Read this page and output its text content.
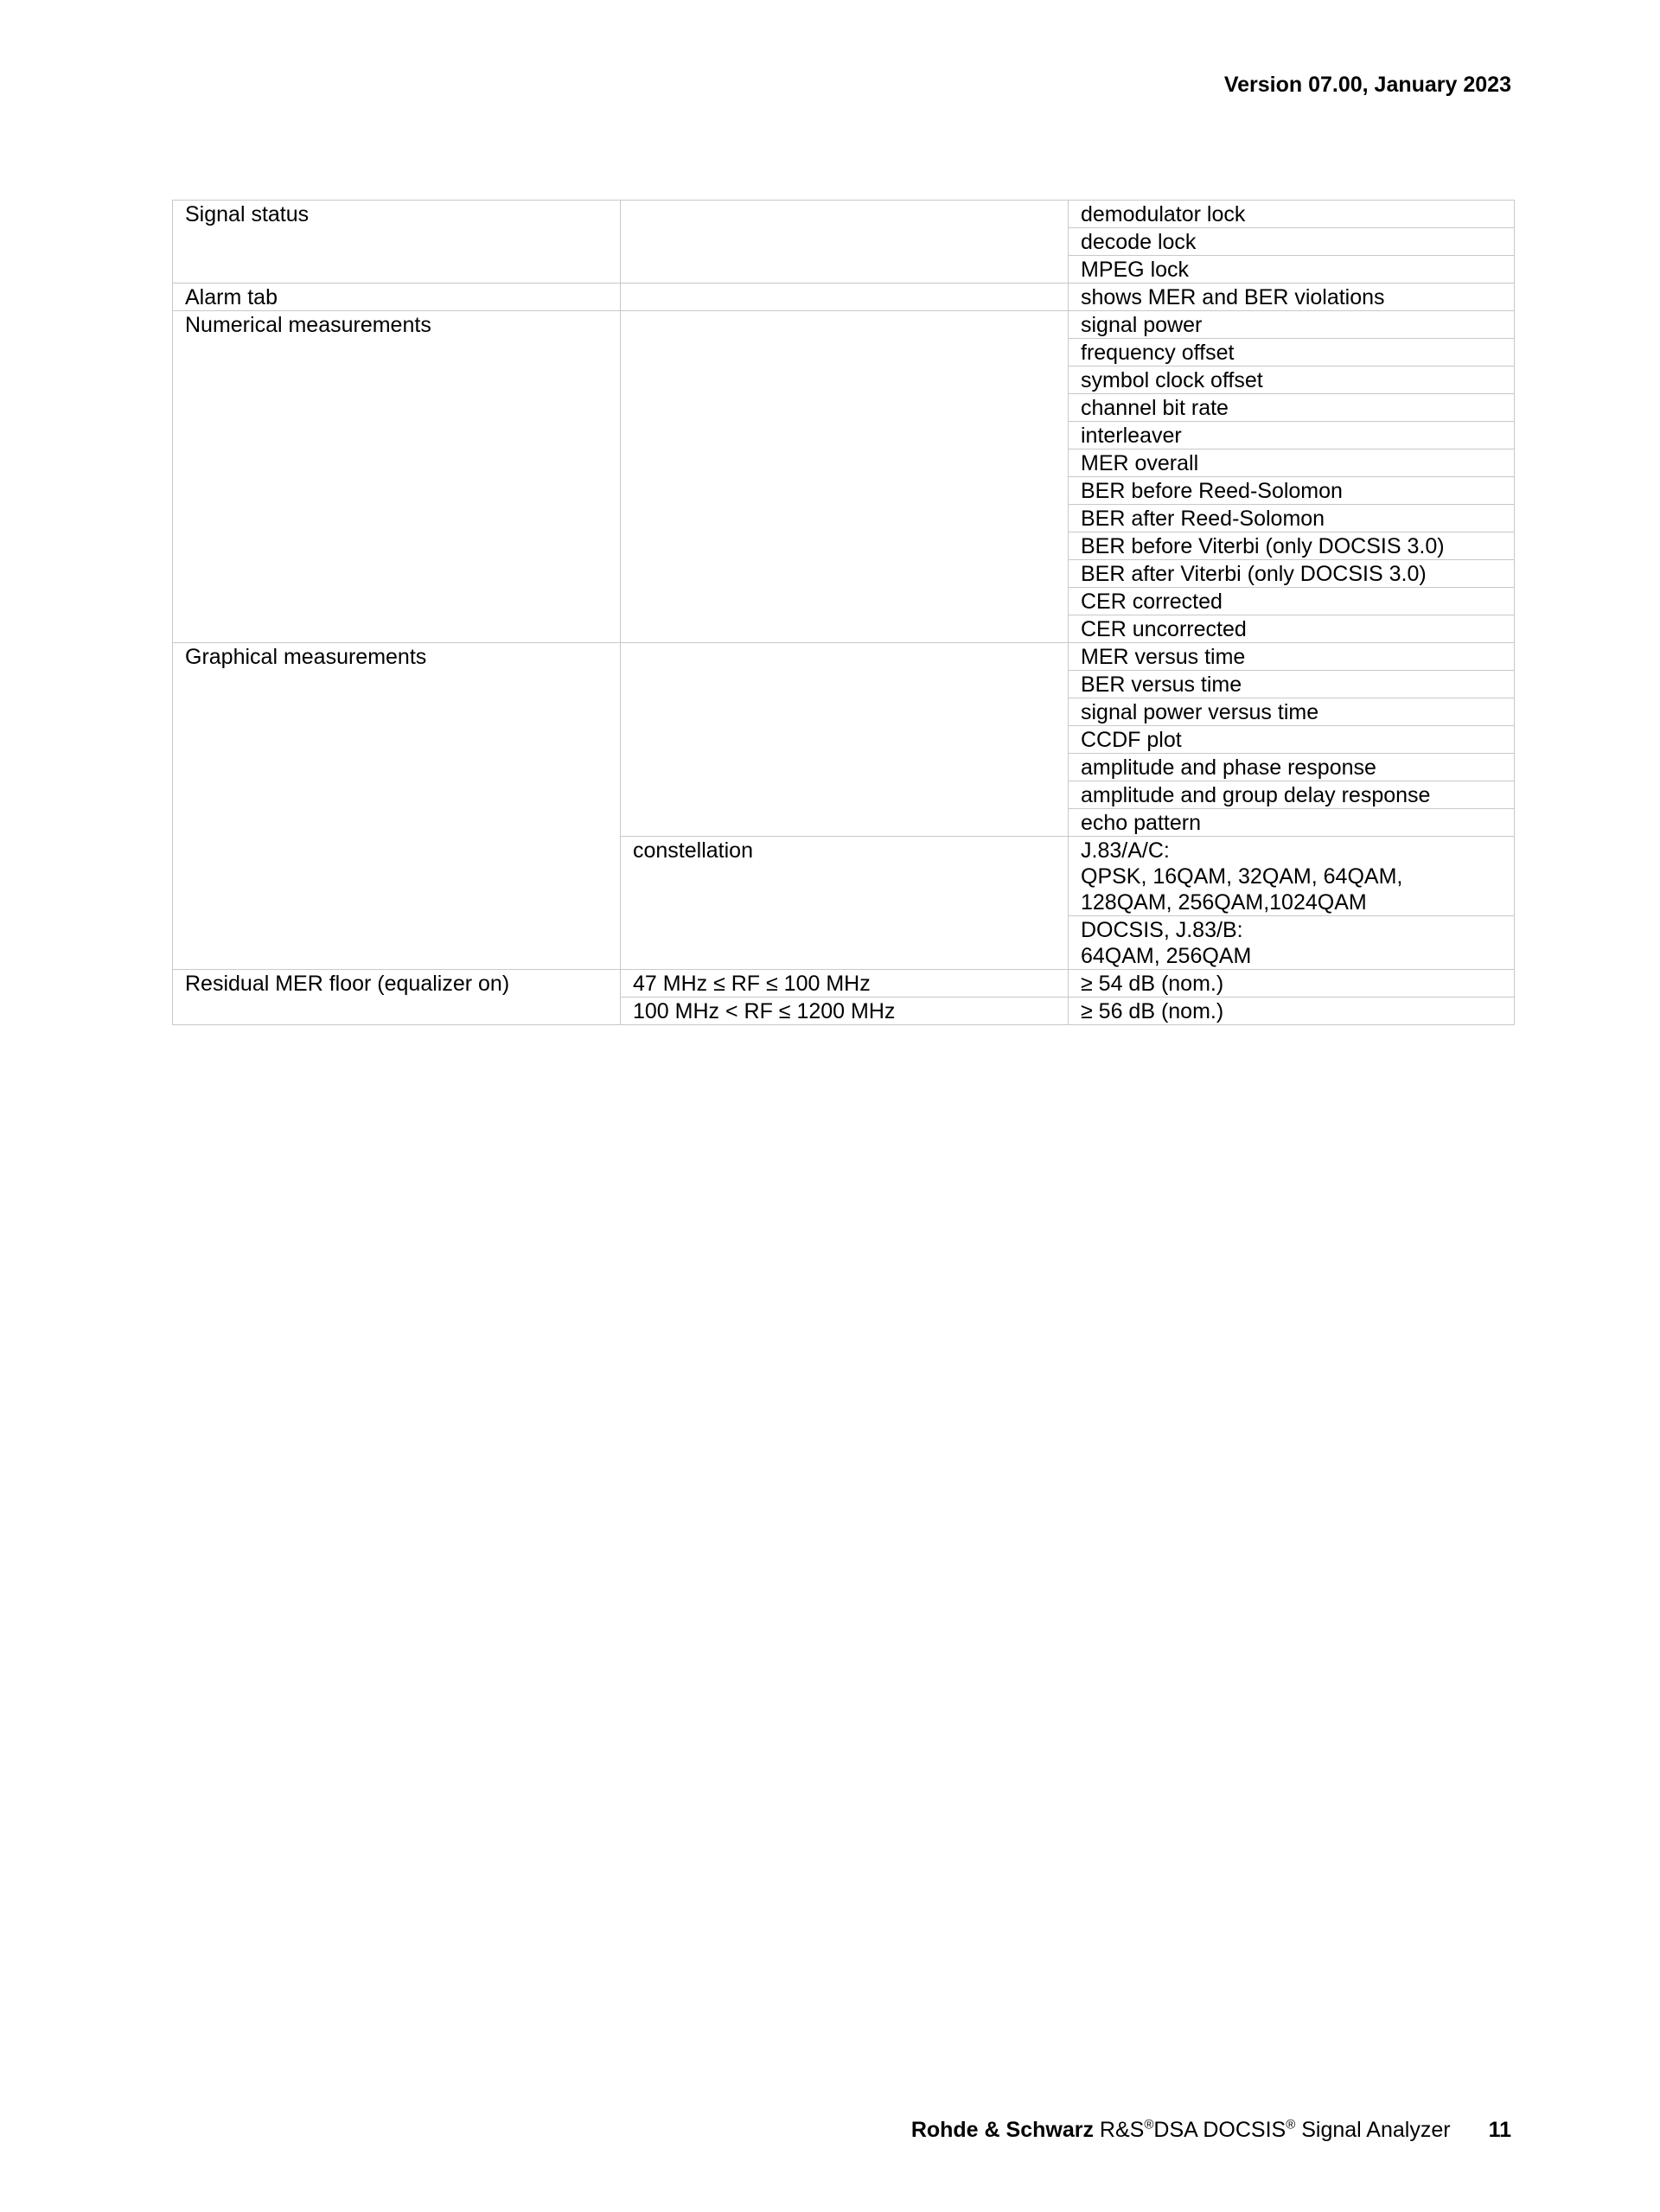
Version 07.00, January 2023
Signal status		demodulator lock
		decode lock
		MPEG lock
Alarm tab		shows MER and BER violations
Numerical measurements		signal power
		frequency offset
		symbol clock offset
		channel bit rate
		interleaver
		MER overall
		BER before Reed-Solomon
		BER after Reed-Solomon
		BER before Viterbi (only DOCSIS 3.0)
		BER after Viterbi (only DOCSIS 3.0)
		CER corrected
		CER uncorrected
Graphical measurements		MER versus time
		BER versus time
		signal power versus time
		CCDF plot
		amplitude and phase response
		amplitude and group delay response
		echo pattern
	constellation	J.83/A/C:
QPSK, 16QAM, 32QAM, 64QAM,
128QAM, 256QAM,1024QAM

		DOCSIS, J.83/B:
64QAM, 256QAM

Residual MER floor (equalizer on)	47 MHz ≤ RF ≤ 100 MHz	≥ 54 dB (nom.)
	100 MHz < RF ≤ 1200 MHz	≥ 56 dB (nom.)
Rohde & Schwarz R&S®DSA DOCSIS® Signal Analyzer 11
